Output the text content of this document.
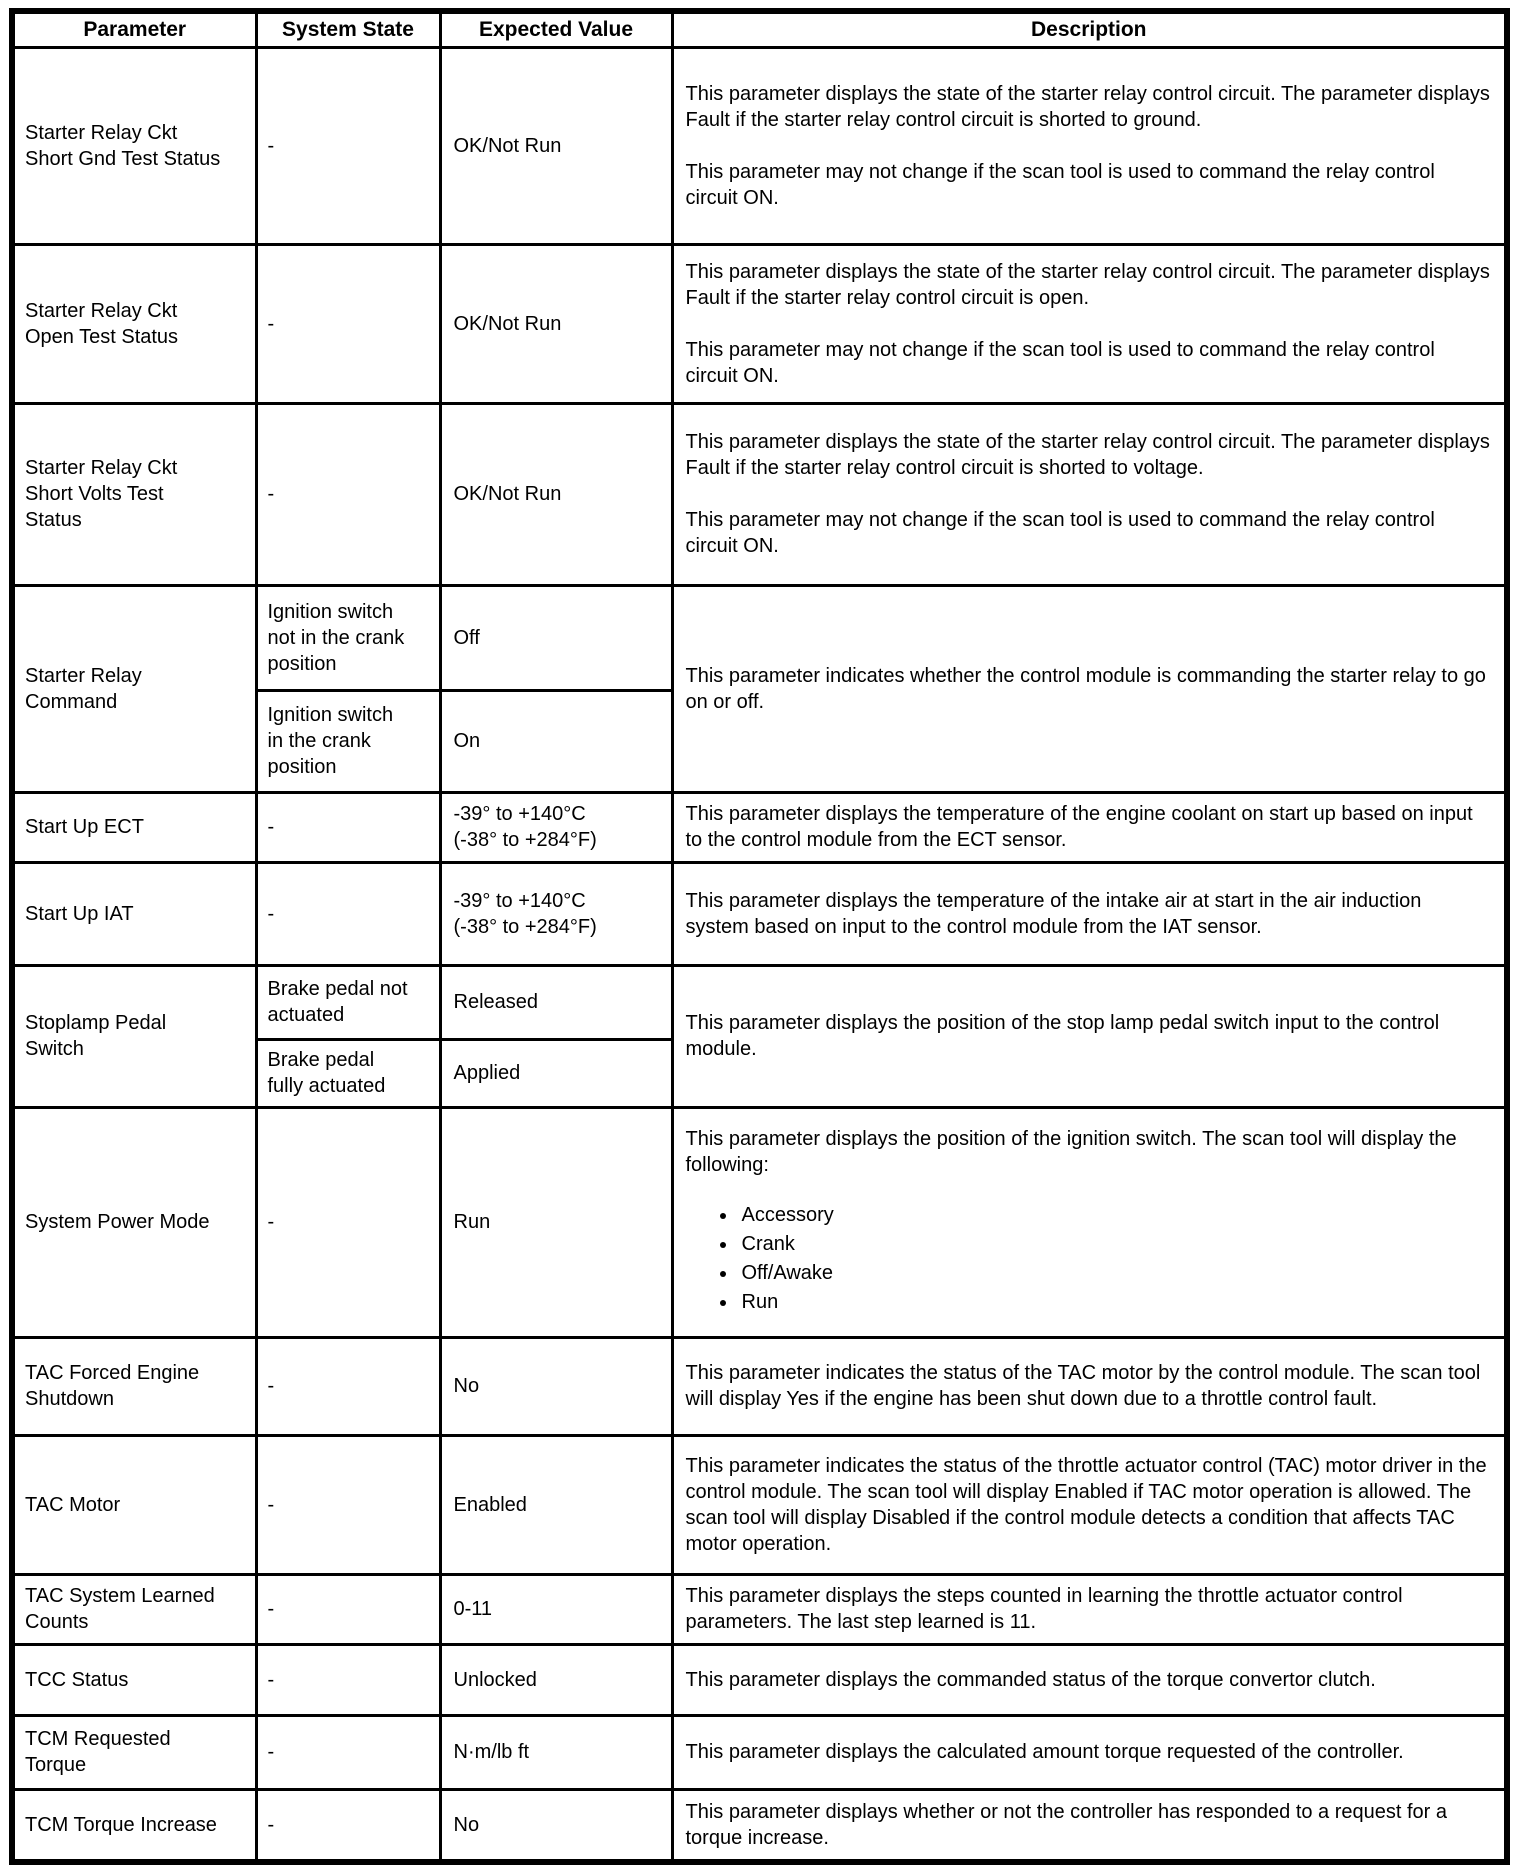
Parameter	System State	Expected Value	Description
Starter Relay Ckt Short Gnd Test Status	-	OK/Not Run	This parameter displays the state of the starter relay control circuit. The parameter displays Fault if the starter relay control circuit is shorted to ground.

This parameter may not change if the scan tool is used to command the relay control circuit ON.

Starter Relay Ckt Open Test Status	-	OK/Not Run	This parameter displays the state of the starter relay control circuit. The parameter displays Fault if the starter relay control circuit is open.

This parameter may not change if the scan tool is used to command the relay control circuit ON.

Starter Relay Ckt Short Volts Test Status	-	OK/Not Run	This parameter displays the state of the starter relay control circuit. The parameter displays Fault if the starter relay control circuit is shorted to voltage.

This parameter may not change if the scan tool is used to command the relay control circuit ON.

Starter Relay Command	Ignition switch not in the crank position	Off	This parameter indicates whether the control module is commanding the starter relay to go on or off.

	Ignition switch in the crank position	On	
Start Up ECT	-	-39° to +140°C
(-38° to +284°F)	This parameter displays the temperature of the engine coolant on start up based on input to the control module from the ECT sensor.

Start Up IAT	-	-39° to +140°C
(-38° to +284°F)	This parameter displays the temperature of the intake air at start in the air induction system based on input to the control module from the IAT sensor.

Stoplamp Pedal Switch	Brake pedal not actuated	Released	This parameter displays the position of the stop lamp pedal switch input to the control module.

	Brake pedal fully actuated	Applied	
System Power Mode	-	Run	

This parameter displays the position of the ignition switch. The scan tool will display the following:

• Accessory
• Crank
• Off/Awake
• Run

TAC Forced Engine Shutdown	-	No	This parameter indicates the status of the TAC motor by the control module. The scan tool will display Yes if the engine has been shut down due to a throttle control fault.

TAC Motor	-	Enabled	This parameter indicates the status of the throttle actuator control (TAC) motor driver in the control module. The scan tool will display Enabled if TAC motor operation is allowed. The scan tool will display Disabled if the control module detects a condition that affects TAC motor operation.

TAC System Learned Counts	-	0-11	This parameter displays the steps counted in learning the throttle actuator control parameters. The last step learned is 11.

TCC Status	-	Unlocked	This parameter displays the commanded status of the torque convertor clutch.

TCM Requested Torque	-	N·m/lb ft	This parameter displays the calculated amount torque requested of the controller.

TCM Torque Increase	-	No	This parameter displays whether or not the controller has responded to a request for a torque increase.
